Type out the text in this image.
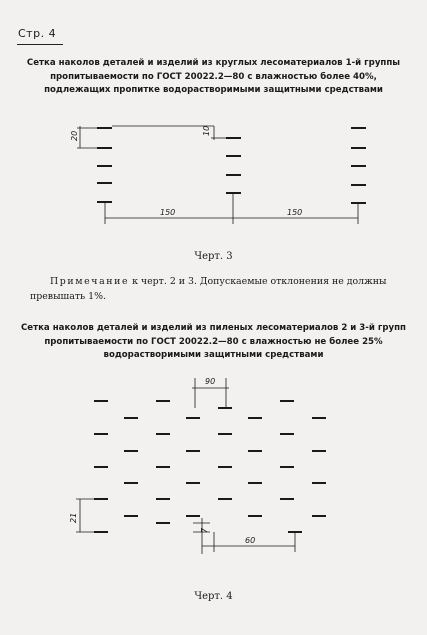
Стр. 4
Сетка наколов деталей и изделий из круглых лесоматериалов 1-й группы
пропитываемости по ГОСТ 20022.2—80 с влажностью более 40%,
подлежащих пропитке водорастворимыми защитными средствами
20	10
150	150
90
21
7
60
Черт. 3
Примечание к черт. 2 и 3. Допускаемые отклонения не должны превышать 1%.
Сетка наколов деталей и изделий из пиленых лесоматериалов 2 и 3-й групп
пропитываемости по ГОСТ 20022.2—80 с влажностью не более 25%
водорастворимыми защитными средствами
Черт. 4
